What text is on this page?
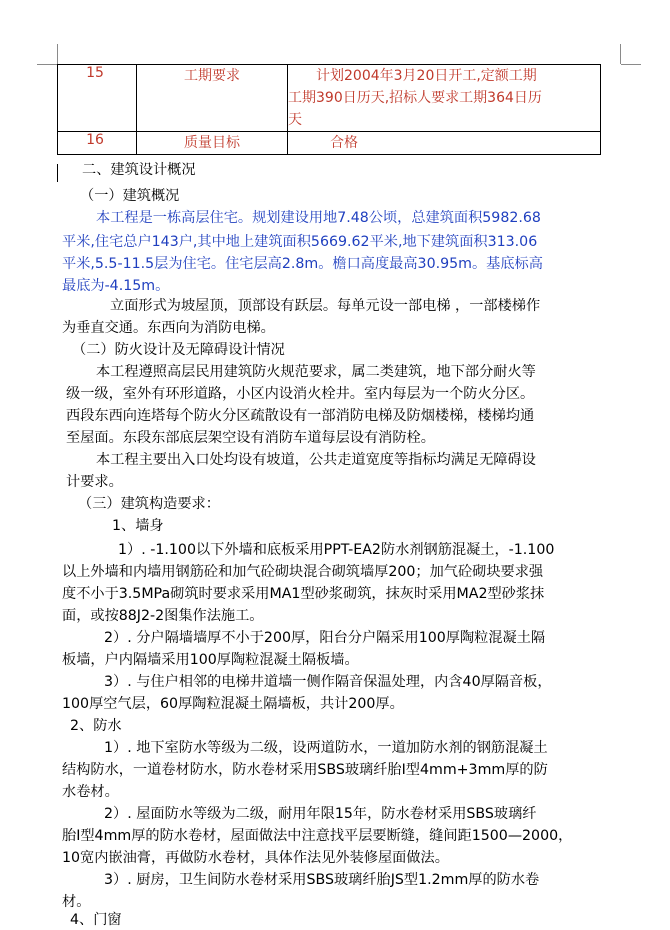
15	工期要求	　　计划2004年3月20日开工,定额工期
工期390日历天,招标人要求工期364日历
天

16	质量目标	　　　合格
二、建筑设计概况
（一）建筑概况
本工程是一栋高层住宅。规划建设用地7.48公顷，总建筑面积5982.68
平米,住宅总户143户,其中地上建筑面积5669.62平米,地下建筑面积313.06
平米,5.5-11.5层为住宅。住宅层高2.8m。檐口高度最高30.95m。基底标高
最底为-4.15m。
立面形式为坡屋顶，顶部设有跃层。每单元设一部电梯 ，一部楼梯作
为垂直交通。东西向为消防电梯。
（二）防火设计及无障碍设计情况
本工程遵照高层民用建筑防火规范要求，属二类建筑，地下部分耐火等
级一级，室外有环形道路，小区内设消火栓井。室内每层为一个防火分区。
西段东西向连塔每个防火分区疏散设有一部消防电梯及防烟楼梯，楼梯均通
至屋面。东段东部底层架空设有消防车道每层设有消防栓。
本工程主要出入口处均设有坡道，公共走道宽度等指标均满足无障碍设
计要求。
（三）建筑构造要求：
1、墙身
1）. -1.100以下外墙和底板采用PPT-EA2防水剂钢筋混凝土，-1.100
以上外墙和内墙用钢筋砼和加气砼砌块混合砌筑墙厚200；加气砼砌块要求强
度不小于3.5MPa砌筑时要求采用MA1型砂浆砌筑，抹灰时采用MA2型砂浆抹
面，或按88J2-2图集作法施工。
2）. 分户隔墙墙厚不小于200厚，阳台分户隔采用100厚陶粒混凝土隔
板墙，户内隔墙采用100厚陶粒混凝土隔板墙。
3）. 与住户相邻的电梯井道墙一侧作隔音保温处理，内含40厚隔音板，
100厚空气层，60厚陶粒混凝土隔墙板，共计200厚。
2、防水
1）. 地下室防水等级为二级，设两道防水，一道加防水剂的钢筋混凝土
结构防水，一道卷材防水，防水卷材采用SBS玻璃纤胎Ⅰ型4mm+3mm厚的防
水卷材。
2）. 屋面防水等级为二级，耐用年限15年，防水卷材采用SBS玻璃纤
胎Ⅰ型4mm厚的防水卷材，屋面做法中注意找平层要断缝，缝间距1500—2000，
10宽内嵌油膏，再做防水卷材，具体作法见外装修屋面做法。
3）. 厨房，卫生间防水卷材采用SBS玻璃纤胎JS型1.2mm厚的防水卷
材。
4、门窗
